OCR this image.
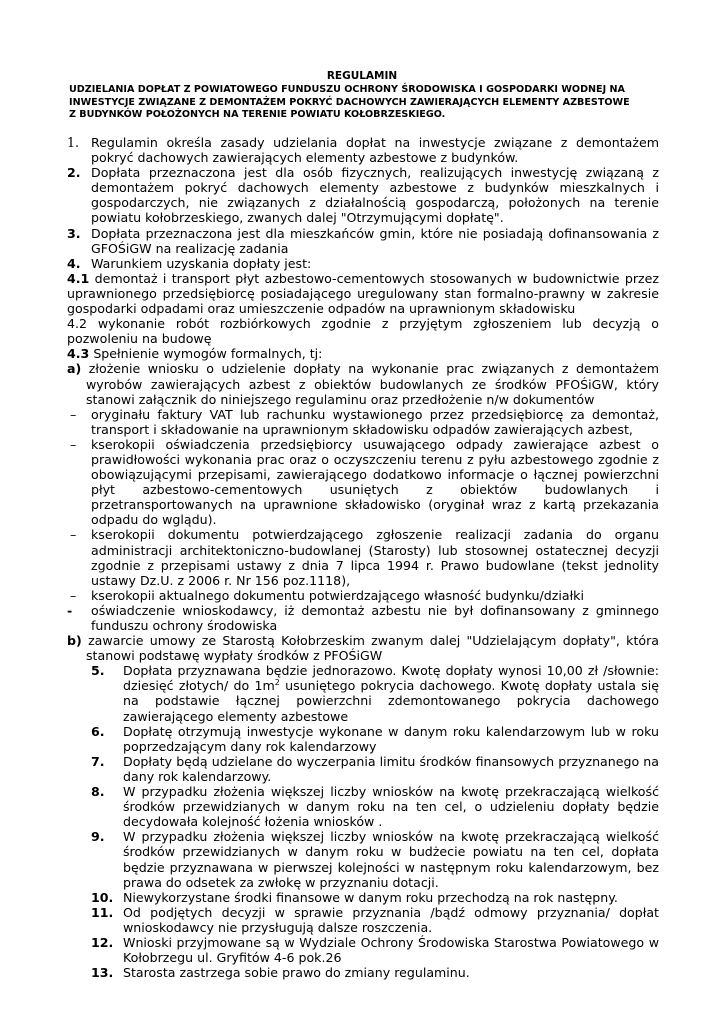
REGULAMIN
UDZIELANIA DOPŁAT Z POWIATOWEGO FUNDUSZU OCHRONY ŚRODOWISKA I GOSPODARKI WODNEJ NA
INWESTYCJE ZWIĄZANE Z DEMONTAŻEM POKRYĆ DACHOWYCH ZAWIERAJĄCYCH ELEMENTY AZBESTOWE
Z BUDYNKÓW POŁOŻONYCH NA TERENIE POWIATU KOŁOBRZESKIEGO.
1. Regulamin określa zasady udzielania dopłat na inwestycje związane z demontażem pokryć dachowych zawierających elementy azbestowe z budynków.
2. Dopłata przeznaczona jest dla osób fizycznych, realizujących inwestycję związaną z demontażem pokryć dachowych elementy azbestowe z budynków mieszkalnych i gospodarczych, nie związanych z działalnością gospodarczą, położonych na terenie powiatu kołobrzeskiego, zwanych dalej "Otrzymującymi dopłatę".
3. Dopłata przeznaczona jest dla mieszkańców gmin, które nie posiadają dofinansowania z GFOŚiGW na realizację zadania
4. Warunkiem uzyskania dopłaty jest:
4.1 demontaż i transport płyt azbestowo-cementowych stosowanych w budownictwie przez uprawnionego przedsiębiorcę posiadającego uregulowany stan formalno-prawny w zakresie gospodarki odpadami oraz umieszczenie odpadów na uprawnionym składowisku
4.2 wykonanie robót rozbiórkowych zgodnie z przyjętym zgłoszeniem lub decyzją o pozwoleniu na budowę
4.3 Spełnienie wymogów formalnych, tj:
a) złożenie wniosku o udzielenie dopłaty na wykonanie prac związanych z demontażem wyrobów zawierających azbest z obiektów budowlanych ze środków PFOŚiGW, który stanowi załącznik do niniejszego regulaminu oraz przedłożenie n/w dokumentów
– oryginału faktury VAT lub rachunku wystawionego przez przedsiębiorcę za demontaż, transport i składowanie na uprawnionym składowisku odpadów zawierających azbest,
– kserokopii oświadczenia przedsiębiorcy usuwającego odpady zawierające azbest o prawidłowości wykonania prac oraz o oczyszczeniu terenu z pyłu azbestowego zgodnie z obowiązującymi przepisami, zawierającego dodatkowo informacje o łącznej powierzchni płyt azbestowo-cementowych usuniętych z obiektów budowlanych i przetransportowanych na uprawnione składowisko (oryginał wraz z kartą przekazania odpadu do wglądu).
– kserokopii dokumentu potwierdzającego zgłoszenie realizacji zadania do organu administracji architektoniczno-budowlanej (Starosty) lub stosownej ostatecznej decyzji zgodnie z przepisami ustawy z dnia 7 lipca 1994 r. Prawo budowlane (tekst jednolity ustawy Dz.U. z 2006 r. Nr 156 poz.1118),
– kserokopii aktualnego dokumentu potwierdzającego własność budynku/działki
- oświadczenie wnioskodawcy, iż demontaż azbestu nie był dofinansowany z gminnego funduszu ochrony środowiska
b) zawarcie umowy ze Starostą Kołobrzeskim zwanym dalej "Udzielającym dopłaty", która stanowi podstawę wypłaty środków z PFOŚiGW
5. Dopłata przyznawana będzie jednorazowo. Kwotę dopłaty wynosi 10,00 zł /słownie: dziesięć złotych/ do $1m^2$ usuniętego pokrycia dachowego. Kwotę dopłaty ustala się na podstawie łącznej powierzchni zdemontowanego pokrycia dachowego zawierającego elementy azbestowe
6. Dopłatę otrzymują inwestycje wykonane w danym roku kalendarzowym lub w roku poprzedzającym dany rok kalendarzowy
7. Dopłaty będą udzielane do wyczerpania limitu środków finansowych przyznanego na dany rok kalendarzowy.
8. W przypadku złożenia większej liczby wniosków na kwotę przekraczającą wielkość środków przewidzianych w danym roku na ten cel, o udzieleniu dopłaty będzie decydowała kolejność łożenia wniosków .
9. W przypadku złożenia większej liczby wniosków na kwotę przekraczającą wielkość środków przewidzianych w danym roku w budżecie powiatu na ten cel, dopłata będzie przyznawana w pierwszej kolejności w następnym roku kalendarzowym, bez prawa do odsetek za zwłokę w przyznaniu dotacji.
10. Niewykorzystane środki finansowe w danym roku przechodzą na rok następny.
11. Od podjętych decyzji w sprawie przyznania /bądź odmowy przyznania/ dopłat wnioskodawcy nie przysługują dalsze roszczenia.
12. Wnioski przyjmowane są w Wydziale Ochrony Środowiska Starostwa Powiatowego w Kołobrzegu ul. Gryfitów 4-6 pok.26
13. Starosta zastrzega sobie prawo do zmiany regulaminu.
